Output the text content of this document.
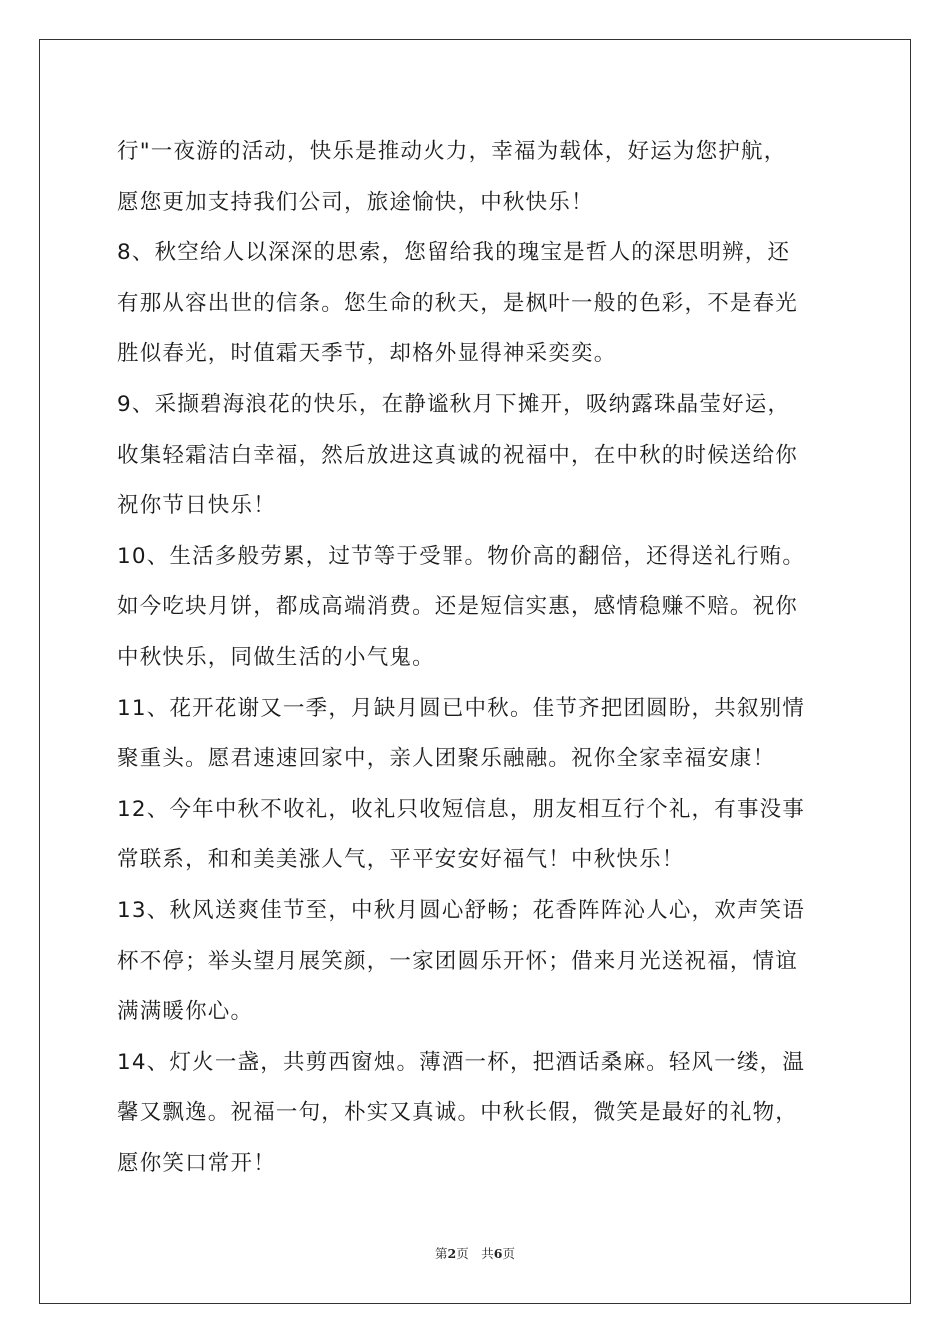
行"一夜游的活动，快乐是推动火力，幸福为载体，好运为您护航，
愿您更加支持我们公司，旅途愉快，中秋快乐！
8、秋空给人以深深的思索，您留给我的瑰宝是哲人的深思明辨，还
有那从容出世的信条。您生命的秋天，是枫叶一般的色彩，不是春光
胜似春光，时值霜天季节，却格外显得神采奕奕。
9、采撷碧海浪花的快乐，在静谧秋月下摊开，吸纳露珠晶莹好运，
收集轻霜洁白幸福，然后放进这真诚的祝福中，在中秋的时候送给你
祝你节日快乐！
10、生活多般劳累，过节等于受罪。物价高的翻倍，还得送礼行贿。
如今吃块月饼，都成高端消费。还是短信实惠，感情稳赚不赔。祝你
中秋快乐，同做生活的小气鬼。
11、花开花谢又一季，月缺月圆已中秋。佳节齐把团圆盼，共叙别情
聚重头。愿君速速回家中，亲人团聚乐融融。祝你全家幸福安康！
12、今年中秋不收礼，收礼只收短信息，朋友相互行个礼，有事没事
常联系，和和美美涨人气，平平安安好福气！中秋快乐！
13、秋风送爽佳节至，中秋月圆心舒畅；花香阵阵沁人心，欢声笑语
杯不停；举头望月展笑颜，一家团圆乐开怀；借来月光送祝福，情谊
满满暖你心。
14、灯火一盏，共剪西窗烛。薄酒一杯，把酒话桑麻。轻风一缕，温
馨又飘逸。祝福一句，朴实又真诚。中秋长假，微笑是最好的礼物，
愿你笑口常开！
第2页　共6页
